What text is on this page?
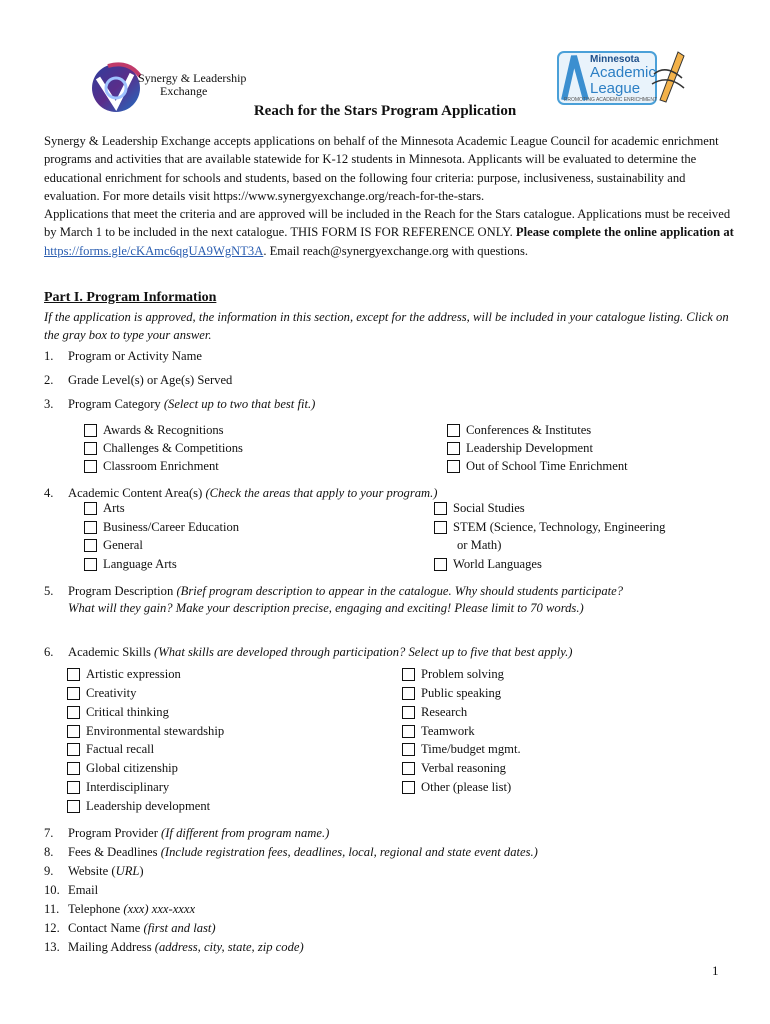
Synergy & Leadership
Exchange
Minnesota
Academic
League
PROMOTING ACADEMIC ENRICHMENT
Reach for the Stars Program Application

Synergy & Leadership Exchange accepts applications on behalf of the Minnesota Academic League Council for academic enrichment programs and activities that are available statewide for K-12 students in Minnesota. Applicants will be evaluated to determine the educational enrichment for schools and students, based on the following four criteria: purpose, inclusiveness, sustainability and evaluation. For more details visit https://www.synergyexchange.org/reach-for-the-stars.

Applications that meet the criteria and are approved will be included in the Reach for the Stars catalogue. Applications must be received by March 1 to be included in the next catalogue. THIS FORM IS FOR REFERENCE ONLY. Please complete the online application at https://forms.gle/cKAmc6qgUA9WgNT3A. Email reach@synergyexchange.org with questions.

Part I. Program Information

If the application is approved, the information in this section, except for the address, will be included in your catalogue listing. Click on the gray box to type your answer.

1. Program or Activity Name
2. Grade Level(s) or Age(s) Served
3. Program Category (Select up to two that best fit.)
Awards & Recognitions
Challenges & Competitions
Classroom Enrichment
Conferences & Institutes
Leadership Development
Out of School Time Enrichment
4. Academic Content Area(s) (Check the areas that apply to your program.)
Arts
Business/Career Education
General
Language Arts
Social Studies
STEM (Science, Technology, Engineering
or Math)
World Languages
5. Program Description (Brief program description to appear in the catalogue. Why should students participate?
What will they gain? Make your description precise, engaging and exciting! Please limit to 70 words.)
6. Academic Skills (What skills are developed through participation? Select up to five that best apply.)
Artistic expression
Creativity
Critical thinking
Environmental stewardship
Factual recall
Global citizenship
Interdisciplinary
Leadership development
Problem solving
Public speaking
Research
Teamwork
Time/budget mgmt.
Verbal reasoning
Other (please list)
7. Program Provider (If different from program name.)
8. Fees & Deadlines (Include registration fees, deadlines, local, regional and state event dates.)
9. Website (URL)
10. Email
11. Telephone (xxx) xxx-xxxx
12. Contact Name (first and last)
13. Mailing Address (address, city, state, zip code)
1
